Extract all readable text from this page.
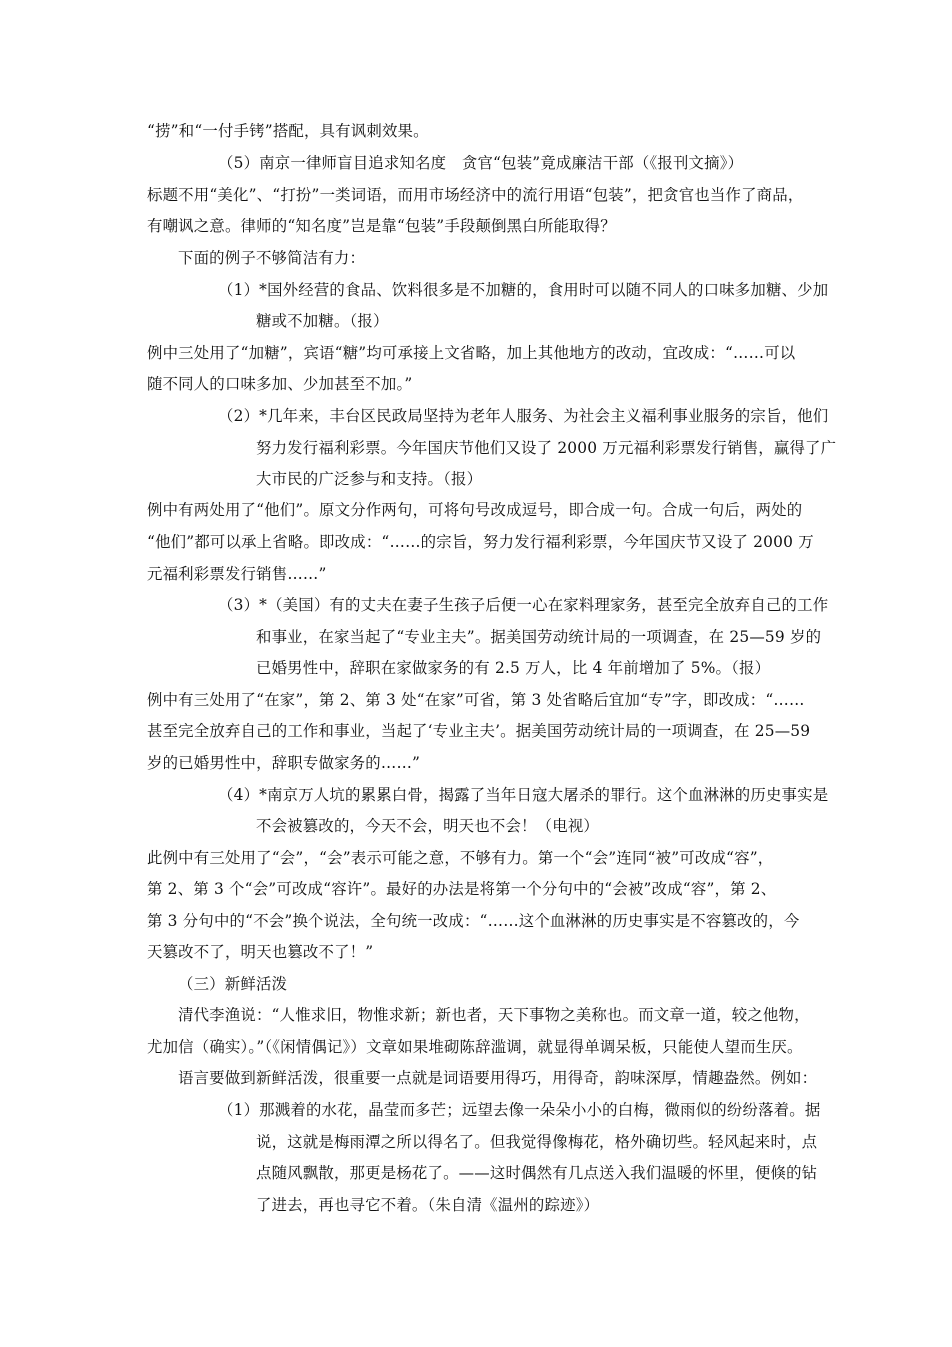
“捞”和“一付手铐”搭配，具有讽刺效果。
（5）南京一律师盲目追求知名度　贪官“包装”竟成廉洁干部（《报刊文摘》）
标题不用“美化”、“打扮”一类词语，而用市场经济中的流行用语“包装”，把贪官也当作了商品，
有嘲讽之意。律师的“知名度”岂是靠“包装”手段颠倒黑白所能取得？
下面的例子不够简洁有力：
（1）*国外经营的食品、饮料很多是不加糖的，食用时可以随不同人的口味多加糖、少加
糖或不加糖。（报）
例中三处用了“加糖”，宾语“糖”均可承接上文省略，加上其他地方的改动，宜改成：“……可以
随不同人的口味多加、少加甚至不加。”
（2）*几年来，丰台区民政局坚持为老年人服务、为社会主义福利事业服务的宗旨，他们
努力发行福利彩票。今年国庆节他们又设了 2000 万元福利彩票发行销售，赢得了广
大市民的广泛参与和支持。（报）
例中有两处用了“他们”。原文分作两句，可将句号改成逗号，即合成一句。合成一句后，两处的
“他们”都可以承上省略。即改成：“……的宗旨，努力发行福利彩票，今年国庆节又设了 2000 万
元福利彩票发行销售……”
（3）*（美国）有的丈夫在妻子生孩子后便一心在家料理家务，甚至完全放弃自己的工作
和事业，在家当起了“专业主夫”。据美国劳动统计局的一项调查，在 25—59 岁的
已婚男性中，辞职在家做家务的有 2.5 万人，比 4 年前增加了 5%。（报）
例中有三处用了“在家”，第 2、第 3 处“在家”可省，第 3 处省略后宜加“专”字，即改成：“……
甚至完全放弃自己的工作和事业，当起了‘专业主夫’。据美国劳动统计局的一项调查，在 25—59
岁的已婚男性中，辞职专做家务的……”
（4）*南京万人坑的累累白骨，揭露了当年日寇大屠杀的罪行。这个血淋淋的历史事实是
不会被篡改的，今天不会，明天也不会！（电视）
此例中有三处用了“会”，“会”表示可能之意，不够有力。第一个“会”连同“被”可改成“容”，
第 2、第 3 个“会”可改成“容许”。最好的办法是将第一个分句中的“会被”改成“容”，第 2、
第 3 分句中的“不会”换个说法，全句统一改成：“……这个血淋淋的历史事实是不容篡改的，今
天篡改不了，明天也篡改不了！”
（三）新鲜活泼
清代李渔说：“人惟求旧，物惟求新；新也者，天下事物之美称也。而文章一道，较之他物，
尤加信（确实）。”（《闲情偶记》）文章如果堆砌陈辞滥调，就显得单调呆板，只能使人望而生厌。
语言要做到新鲜活泼，很重要一点就是词语要用得巧，用得奇，韵味深厚，情趣盎然。例如：
（1）那溅着的水花，晶莹而多芒；远望去像一朵朵小小的白梅，微雨似的纷纷落着。据
说，这就是梅雨潭之所以得名了。但我觉得像梅花，格外确切些。轻风起来时，点
点随风飘散，那更是杨花了。——这时偶然有几点送入我们温暖的怀里，便倏的钻
了进去，再也寻它不着。（朱自清《温州的踪迹》）
